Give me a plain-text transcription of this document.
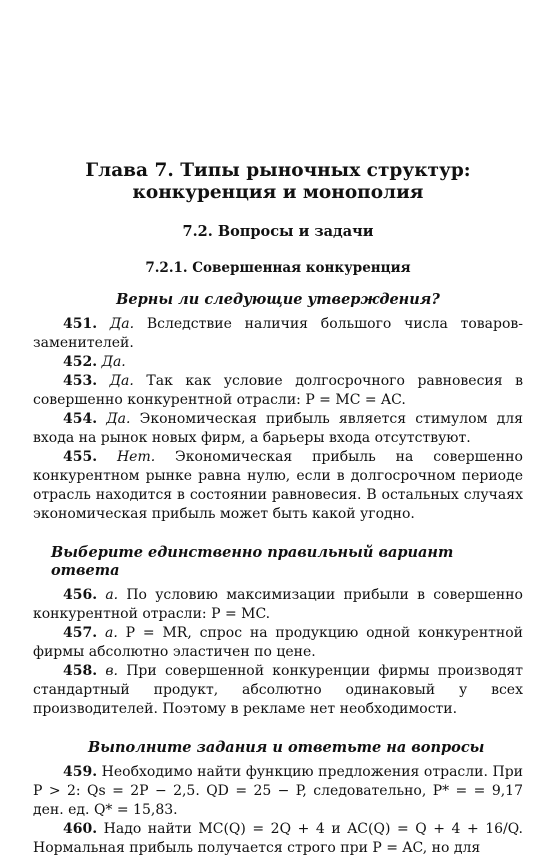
Глава 7. Типы рыночных структур:
конкуренция и монополия
7.2. Вопросы и задачи
7.2.1. Совершенная конкуренция
Верны ли следующие утверждения?

451. Да. Вследствие наличия большого числа товаров-заменителей.

452. Да.

453. Да. Так как условие долгосрочного равновесия в совершенно конкурентной отрасли: P = MC = AC.

454. Да. Экономическая прибыль является стимулом для входа на рынок новых фирм, а барьеры входа отсутствуют.

455. Нет. Экономическая прибыль на совершенно конкурентном рынке равна нулю, если в долгосрочном периоде отрасль находится в состоянии равновесия. В остальных случаях экономическая прибыль может быть какой угодно.

Выберите единственно правильный вариант ответа

456. а. По условию максимизации прибыли в совершенно конкурентной отрасли: P = MC.

457. а. P = MR, спрос на продукцию одной конкурентной фирмы абсолютно эластичен по цене.

458. в. При совершенной конкуренции фирмы производят стандартный продукт, абсолютно одинаковый у всех производителей. Поэтому в рекламе нет необходимости.

Выполните задания и ответьте на вопросы

459. Необходимо найти функцию предложения отрасли. При P > 2: Qs = 2P − 2,5. QD = 25 − P, следовательно, P* = = 9,17 ден. ед. Q* = 15,83.

460. Надо найти MC(Q) = 2Q + 4 и AC(Q) = Q + 4 + 16/Q. Нормальная прибыль получается строго при P = AC, но для
